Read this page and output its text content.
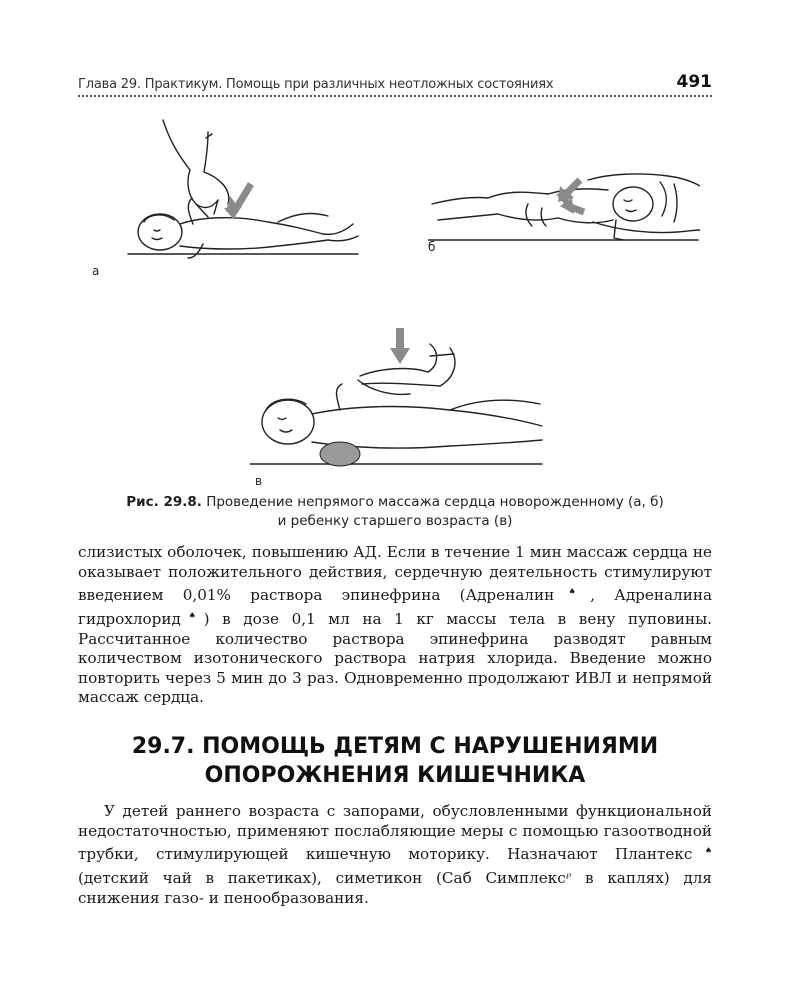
Глава 29. Практикум. Помощь при различных неотложных состояниях	491
а
б
в
Рис. 29.8. Проведение непрямого массажа сердца новорожденному (а, б)
и ребенку старшего возраста (в)

слизистых оболочек, повышению АД. Если в течение 1 мин массаж сердца не оказывает положительного действия, сердечную деятельность стимулируют введением 0,01% раствора эпинефрина (Адреналин♠, Адреналина гидрохлорид♠) в дозе 0,1 мл на 1 кг массы тела в вену пуповины. Рассчитанное количество раствора эпинефрина разводят равным количеством изотонического раствора натрия хлорида. Введение можно повторить через 5 мин до 3 раз. Одновременно продолжают ИВЛ и непрямой массаж сердца.

29.7. ПОМОЩЬ ДЕТЯМ С НАРУШЕНИЯМИ
ОПОРОЖНЕНИЯ КИШЕЧНИКА

У детей раннего возраста с запорами, обусловленными функциональной недостаточностью, применяют послабляющие меры с помощью газоотводной трубки, стимулирующей кишечную моторику. Назначают Плантекс♠ (детский чай в пакетиках), симетикон (Саб Симплекс℘ в каплях) для снижения газо- и пенообразования.
